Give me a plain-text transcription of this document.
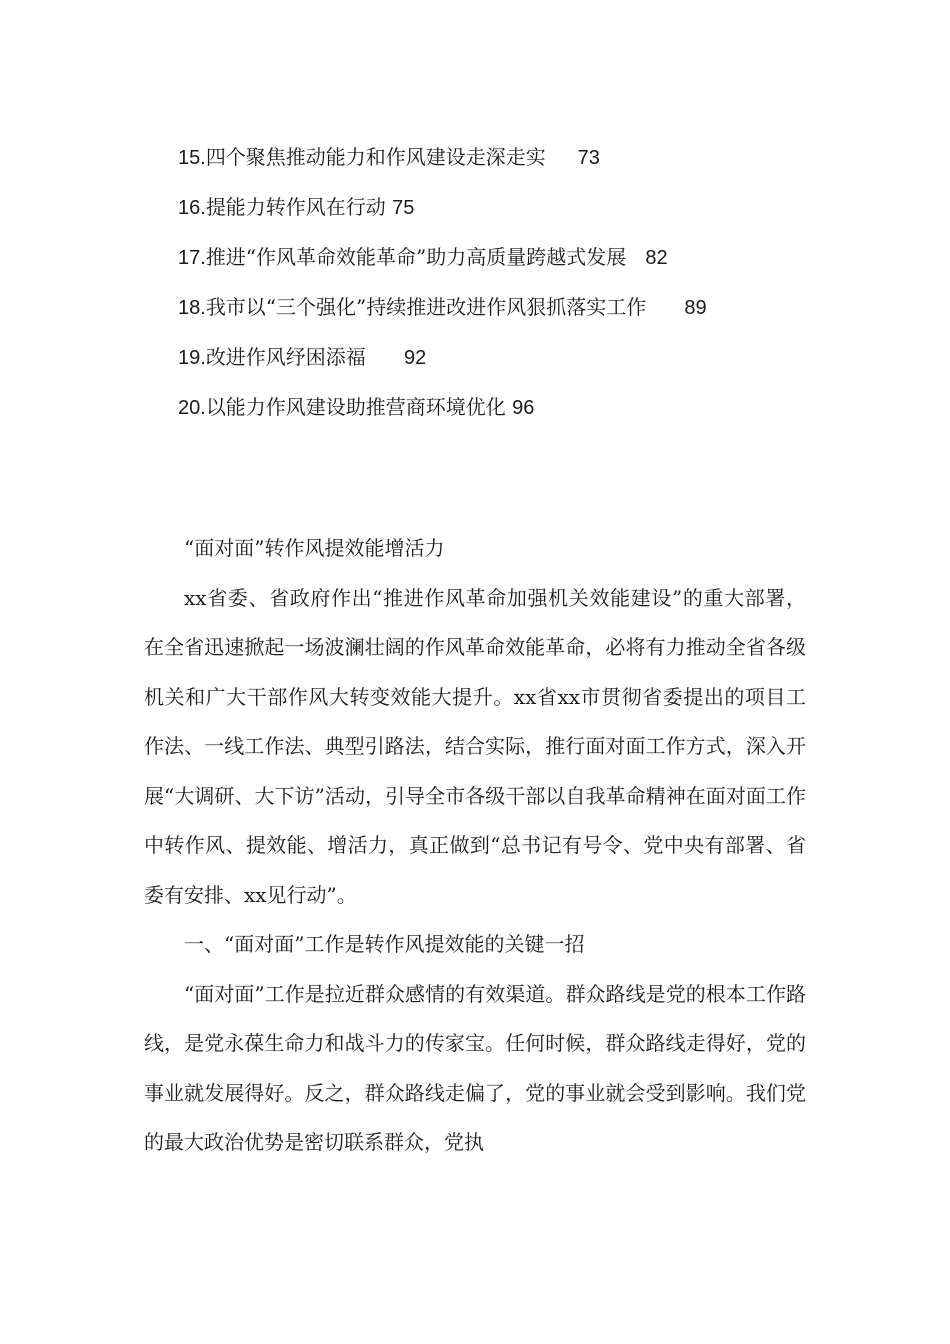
15.四个聚焦推动能力和作风建设走深走实 73
16.提能力转作风在行动 75
17.推进“作风革命效能革命”助力高质量跨越式发展 82
18.我市以“三个强化”持续推进改进作风狠抓落实工作 89
19.改进作风纾困添福 92
20.以能力作风建设助推营商环境优化 96

“面对面”转作风提效能增活力

xx省委、省政府作出“推进作风革命加强机关效能建设”的重大部署，在全省迅速掀起一场波澜壮阔的作风革命效能革命，必将有力推动全省各级机关和广大干部作风大转变效能大提升。xx省xx市贯彻省委提出的项目工作法、一线工作法、典型引路法，结合实际，推行面对面工作方式，深入开展“大调研、大下访”活动，引导全市各级干部以自我革命精神在面对面工作中转作风、提效能、增活力，真正做到“总书记有号令、党中央有部署、省委有安排、xx见行动”。

一、“面对面”工作是转作风提效能的关键一招

“面对面”工作是拉近群众感情的有效渠道。群众路线是党的根本工作路线，是党永葆生命力和战斗力的传家宝。任何时候，群众路线走得好，党的事业就发展得好。反之，群众路线走偏了，党的事业就会受到影响。我们党的最大政治优势是密切联系群众，党执
